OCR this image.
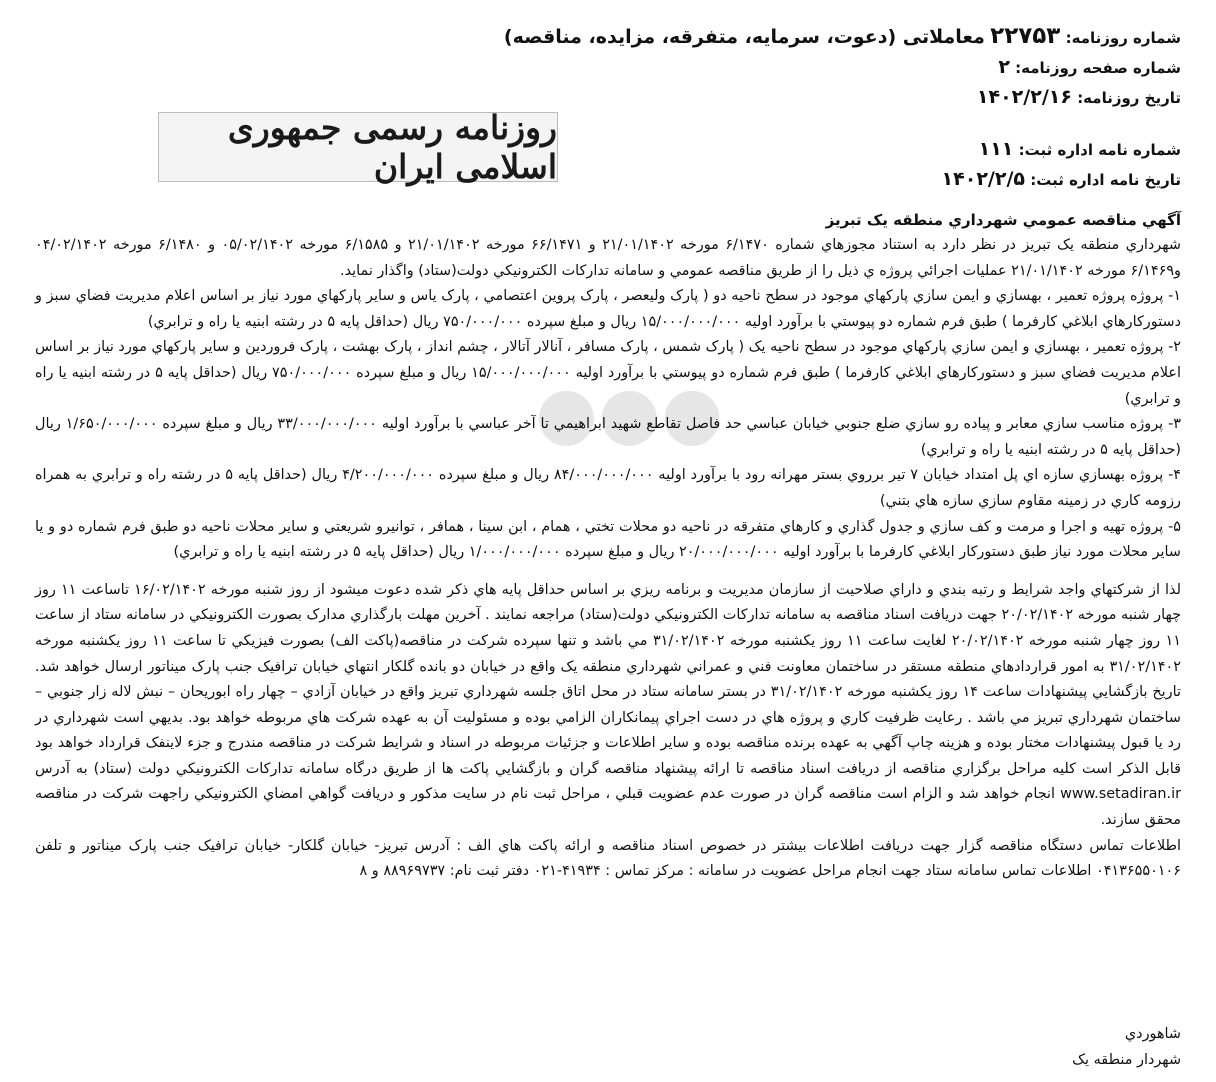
شماره روزنامه: ۲۲۷۵۳ معاملاتی (دعوت، سرمایه، متفرقه، مزایده، مناقصه)
شماره صفحه روزنامه: ۲
تاریخ روزنامه: ۱۴۰۲/۲/۱۶
شماره نامه اداره ثبت: ۱۱۱
تاریخ نامه اداره ثبت: ۱۴۰۲/۲/۵
روزنامه رسمی جمهوری اسلامی ایران
●●●

آگهي مناقصه عمومي شهرداري منطقه يک تبريز

شهرداري منطقه يک تبريز در نظر دارد به استناد مجوزهاي شماره ۶/۱۴۷۰ مورخه ۲۱/۰۱/۱۴۰۲ و ۶۶/۱۴۷۱ مورخه ۲۱/۰۱/۱۴۰۲ و ۶/۱۵۸۵ مورخه ۰۵/۰۲/۱۴۰۲ و ۶/۱۴۸۰ مورخه ۰۴/۰۲/۱۴۰۲ و۶/۱۴۶۹ مورخه ۲۱/۰۱/۱۴۰۲ عمليات اجرائي پروژه ي ذيل را از طريق مناقصه عمومي و سامانه تدارکات الکترونيکي دولت(ستاد) واگذار نمايد.

۱- پروژه پروژه تعمير ، بهسازي و ايمن سازي پارکهاي موجود در سطح ناحيه دو ( پارک وليعصر ، پارک پروين اعتصامي ، پارک ياس و ساير پارکهاي مورد نياز بر اساس اعلام مديريت فضاي سبز و دستورکارهاي ابلاغي کارفرما ) طبق فرم شماره دو پيوستي با برآورد اوليه ۱۵/۰۰۰/۰۰۰/۰۰۰ ريال و مبلغ سپرده ۷۵۰/۰۰۰/۰۰۰ ريال (حداقل پايه ۵ در رشته ابنيه يا راه و ترابري)

۲- پروژه تعمير ، بهسازي و ايمن سازي پارکهاي موجود در سطح ناحيه يک ( پارک شمس ، پارک مسافر ، آنالار آتالار ، چشم انداز ، پارک بهشت ، پارک فروردين و ساير پارکهاي مورد نياز بر اساس اعلام مديريت فضاي سبز و دستورکارهاي ابلاغي کارفرما ) طبق فرم شماره دو پيوستي با برآورد اوليه ۱۵/۰۰۰/۰۰۰/۰۰۰ ريال و مبلغ سپرده ۷۵۰/۰۰۰/۰۰۰ ريال (حداقل پايه ۵ در رشته ابنيه يا راه و ترابري)

۳- پروژه مناسب سازي معابر و پياده رو سازي ضلع جنوبي خيابان عباسي حد فاصل تقاطع شهيد ابراهيمي تا آخر عباسي با برآورد اوليه ۳۳/۰۰۰/۰۰۰/۰۰۰ ريال و مبلغ سپرده ۱/۶۵۰/۰۰۰/۰۰۰ ريال (حداقل پايه ۵ در رشته ابنيه يا راه و ترابري)

۴- پروژه بهسازي سازه اي پل امتداد خيابان ۷ تير برروي بستر مهرانه رود با برآورد اوليه ۸۴/۰۰۰/۰۰۰/۰۰۰ ريال و مبلغ سپرده ۴/۲۰۰/۰۰۰/۰۰۰ ريال (حداقل پايه ۵ در رشته راه و ترابري به همراه رزومه کاري در زمينه مقاوم سازي سازه هاي بتني)

۵- پروژه تهيه و اجرا و مرمت و کف سازي و جدول گذاري و کارهاي متفرقه در ناحيه دو محلات تختي ، همام ، ابن سينا ، همافر ، توانيرو شريعتي و ساير محلات ناحيه دو طبق فرم شماره دو و يا ساير محلات مورد نياز طبق دستورکار ابلاغي کارفرما با برآورد اوليه ۲۰/۰۰۰/۰۰۰/۰۰۰ ريال و مبلغ سپرده ۱/۰۰۰/۰۰۰/۰۰۰ ريال (حداقل پايه ۵ در رشته ابنيه يا راه و ترابري)

لذا از شرکتهاي واجد شرايط و رتبه بندي و داراي صلاحيت از سازمان مديريت و برنامه ريزي بر اساس حداقل پايه هاي ذکر شده دعوت ميشود از روز شنبه مورخه ۱۶/۰۲/۱۴۰۲ تاساعت ۱۱ روز چهار شنبه مورخه ۲۰/۰۲/۱۴۰۲ جهت دريافت اسناد مناقصه به سامانه تدارکات الکترونيکي دولت(ستاد) مراجعه نمايند . آخرين مهلت بارگذاري مدارک بصورت الکترونيکي در سامانه ستاد از ساعت ۱۱ روز چهار شنبه مورخه ۲۰/۰۲/۱۴۰۲ لغايت ساعت ۱۱ روز يکشنبه مورخه ۳۱/۰۲/۱۴۰۲ مي باشد و تنها سپرده شرکت در مناقصه(پاکت الف) بصورت فيزيکي تا ساعت ۱۱ روز يکشنبه مورخه ۳۱/۰۲/۱۴۰۲ به امور قراردادهاي منطقه مستقر در ساختمان معاونت فني و عمراني شهرداري منطقه يک واقع در خيابان دو بانده گلکار انتهاي خيابان ترافيک جنب پارک ميناتور ارسال خواهد شد. تاريخ بازگشايي پيشنهادات ساعت ۱۴ روز يکشنبه مورخه ۳۱/۰۲/۱۴۰۲ در بستر سامانه ستاد در محل اتاق جلسه شهرداري تبريز واقع در خيابان آزادي – چهار راه ابوريحان – نبش لاله زار جنوبي – ساختمان شهرداري تبريز مي باشد . رعايت ظرفيت کاري و پروژه هاي در دست اجراي پيمانکاران الزامي بوده و مسئوليت آن به عهده شرکت هاي مربوطه خواهد بود. بديهي است شهرداري در رد يا قبول پيشنهادات مختار بوده و هزينه چاپ آگهي به عهده برنده مناقصه بوده و ساير اطلاعات و جزئيات مربوطه در اسناد و شرايط شرکت در مناقصه مندرج و جزء لاينفک قرارداد خواهد بود قابل الذکر است کليه مراحل برگزاري مناقصه از دريافت اسناد مناقصه تا ارائه پيشنهاد مناقصه گران و بازگشايي پاکت ها از طريق درگاه سامانه تدارکات الکترونيکي دولت (ستاد) به آدرس www.setadiran.ir انجام خواهد شد و الزام است مناقصه گران در صورت عدم عضويت قبلي ، مراحل ثبت نام در سايت مذکور و دريافت گواهي امضاي الکترونيکي راجهت شرکت در مناقصه محقق سازند.

اطلاعات تماس دستگاه مناقصه گزار جهت دريافت اطلاعات بيشتر در خصوص اسناد مناقصه و ارائه پاکت هاي الف : آدرس تبريز- خيابان گلکار- خيابان ترافيک جنب پارک ميناتور و تلفن ۰۴۱۳۶۵۵۰۱۰۶ اطلاعات تماس سامانه ستاد جهت انجام مراحل عضويت در سامانه : مرکز تماس : ۴۱۹۳۴-۰۲۱ دفتر ثبت نام: ۸۸۹۶۹۷۳۷ و ۸

شاهوردي
شهردار منطقه يک
